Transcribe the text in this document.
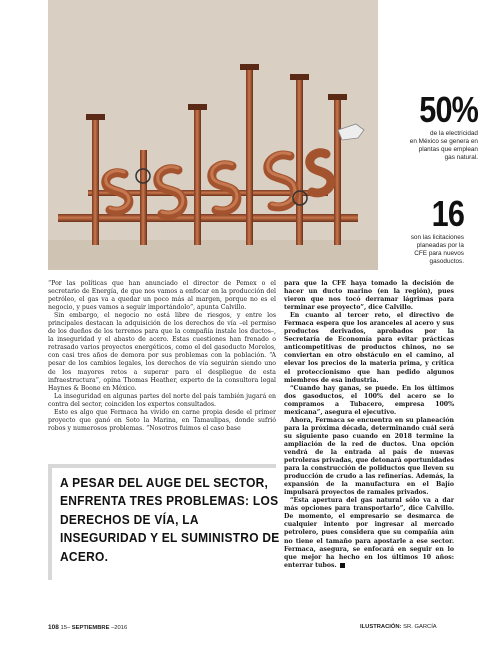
50%
de la electricidad
en México se genera en
plantas que emplean
gas natural.
16
son las licitaciones
planeadas por la
CFE para nuevos
gasoductos.

“Por las políticas que han anunciado el director de Pemex o el secretario de Energía, de que nos vamos a enfocar en la producción del petróleo, el gas va a quedar un poco más al margen, porque no es el negocio, y pues vamos a seguir importándolo”, apunta Calvillo.

Sin embargo, el negocio no está libre de riesgos, y entre los principales destacan la adquisición de los derechos de vía –el permiso de los dueños de los terrenos para que la compañía instale los ductos–, la inseguridad y el abasto de acero. Estas cuestiones han frenado o retrasado varios proyectos energéticos, como el del gasoducto Morelos, con casi tres años de demora por sus problemas con la población. “A pesar de los cambios legales, los derechos de vía seguirán siendo uno de los mayores retos a superar para el despliegue de esta infraestructura”, opina Thomas Heather, experto de la consultora legal Haynes & Boone en México.

La inseguridad en algunas partes del norte del país también jugará en contra del sector, coinciden los expertos consultados.

Esto es algo que Fermaca ha vivido en carne propia desde el primer proyecto que ganó en Soto la Marina, en Tamaulipas, donde sufrió robos y numerosos problemas. “Nosotros fuimos el caso base

A PESAR DEL AUGE DEL SECTOR, ENFRENTA TRES PROBLEMAS: LOS DERECHOS DE VÍA, LA INSEGURIDAD Y EL SUMINISTRO DE ACERO.

para que la CFE haya tomado la decisión de hacer un ducto marino (en la región), pues vieron que nos tocó derramar lágrimas para terminar ese proyecto”, dice Calvillo.

En cuanto al tercer reto, el directivo de Fermaca espera que los aranceles al acero y sus productos derivados, aprobados por la Secretaría de Economía para evitar prácticas anticompetitivas de productos chinos, no se conviertan en otro obstáculo en el camino, al elevar los precios de la materia prima, y crítica el proteccionismo que han pedido algunos miembros de esa industria.

“Cuando hay ganas, se puede. En los últimos dos gasoductos, el 100% del acero se lo compramos a Tubacero, empresa 100% mexicana”, asegura el ejecutivo.

Ahora, Fermaca se encuentra en su planeación para la próxima década, determinando cuál será su siguiente paso cuando en 2018 termine la ampliación de la red de ductos. Una opción vendrá de la entrada al país de nuevas petroleras privadas, que detonará oportunidades para la construcción de poliductos que lleven su producción de crudo a las refinerías. Además, la expansión de la manufactura en el Bajío impulsará proyectos de ramales privados.

“Esta apertura del gas natural sólo va a dar más opciones para transportarlo”, dice Calvillo. De momento, el empresario se desmarca de cualquier intento por ingresar al mercado petrolero, pues considera que su compañía aún no tiene el tamaño para apostarle a ese sector. Fermaca, asegura, se enfocará en seguir en lo que mejor ha hecho en los últimos 10 años: enterrar tubos.

108 15– SEPTIEMBRE –2016	ILUSTRACIÓN: SR. GARCÍA
